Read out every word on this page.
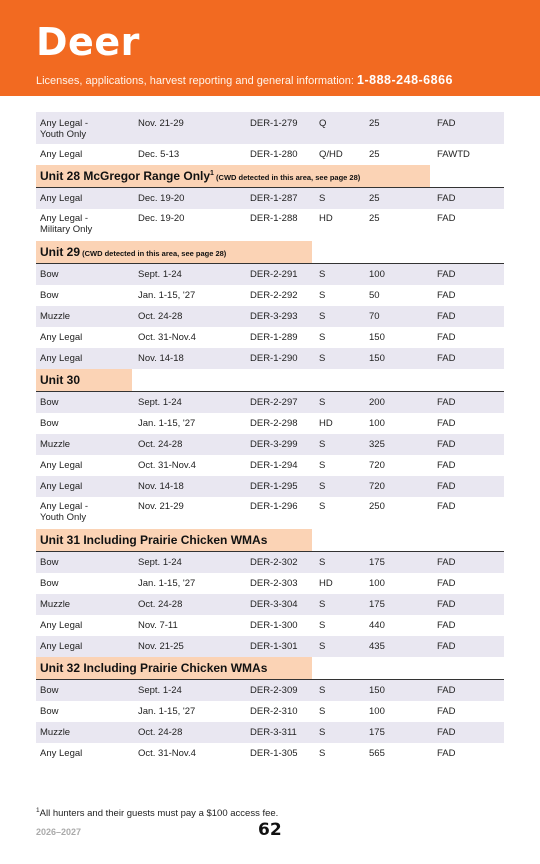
Deer
Licenses, applications, harvest reporting and general information: 1-888-248-6866
Any Legal -
Youth Only
Nov. 21-29	DER-1-279	Q	25	FAD
Any Legal	Dec. 5-13	DER-1-280	Q/HD	25	FAWTD
Unit 28 McGregor Range Only$^1$ (CWD detected in this area, see page 28)
Any Legal	Dec. 19-20	DER-1-287	S	25	FAD
Any Legal -
Military Only
Dec. 19-20	DER-1-288	HD	25	FAD
Unit 29 (CWD detected in this area, see page 28)
Bow	Sept. 1-24	DER-2-291	S	100	FAD
Bow	Jan. 1-15, '27	DER-2-292	S	50	FAD
Muzzle	Oct. 24-28	DER-3-293	S	70	FAD
Any Legal	Oct. 31-Nov.4	DER-1-289	S	150	FAD
Any Legal	Nov. 14-18	DER-1-290	S	150	FAD
Unit 30
Bow	Sept. 1-24	DER-2-297	S	200	FAD
Bow	Jan. 1-15, '27	DER-2-298	HD	100	FAD
Muzzle	Oct. 24-28	DER-3-299	S	325	FAD
Any Legal	Oct. 31-Nov.4	DER-1-294	S	720	FAD
Any Legal	Nov. 14-18	DER-1-295	S	720	FAD
Any Legal -
Youth Only
Nov. 21-29	DER-1-296	S	250	FAD
Unit 31 Including Prairie Chicken WMAs
Bow	Sept. 1-24	DER-2-302	S	175	FAD
Bow	Jan. 1-15, '27	DER-2-303	HD	100	FAD
Muzzle	Oct. 24-28	DER-3-304	S	175	FAD
Any Legal	Nov. 7-11	DER-1-300	S	440	FAD
Any Legal	Nov. 21-25	DER-1-301	S	435	FAD
Unit 32 Including Prairie Chicken WMAs
Bow	Sept. 1-24	DER-2-309	S	150	FAD
Bow	Jan. 1-15, '27	DER-2-310	S	100	FAD
Muzzle	Oct. 24-28	DER-3-311	S	175	FAD
Any Legal	Oct. 31-Nov.4	DER-1-305	S	565	FAD
$^1$All hunters and their guests must pay a $100 access fee.
2026–2027	62
